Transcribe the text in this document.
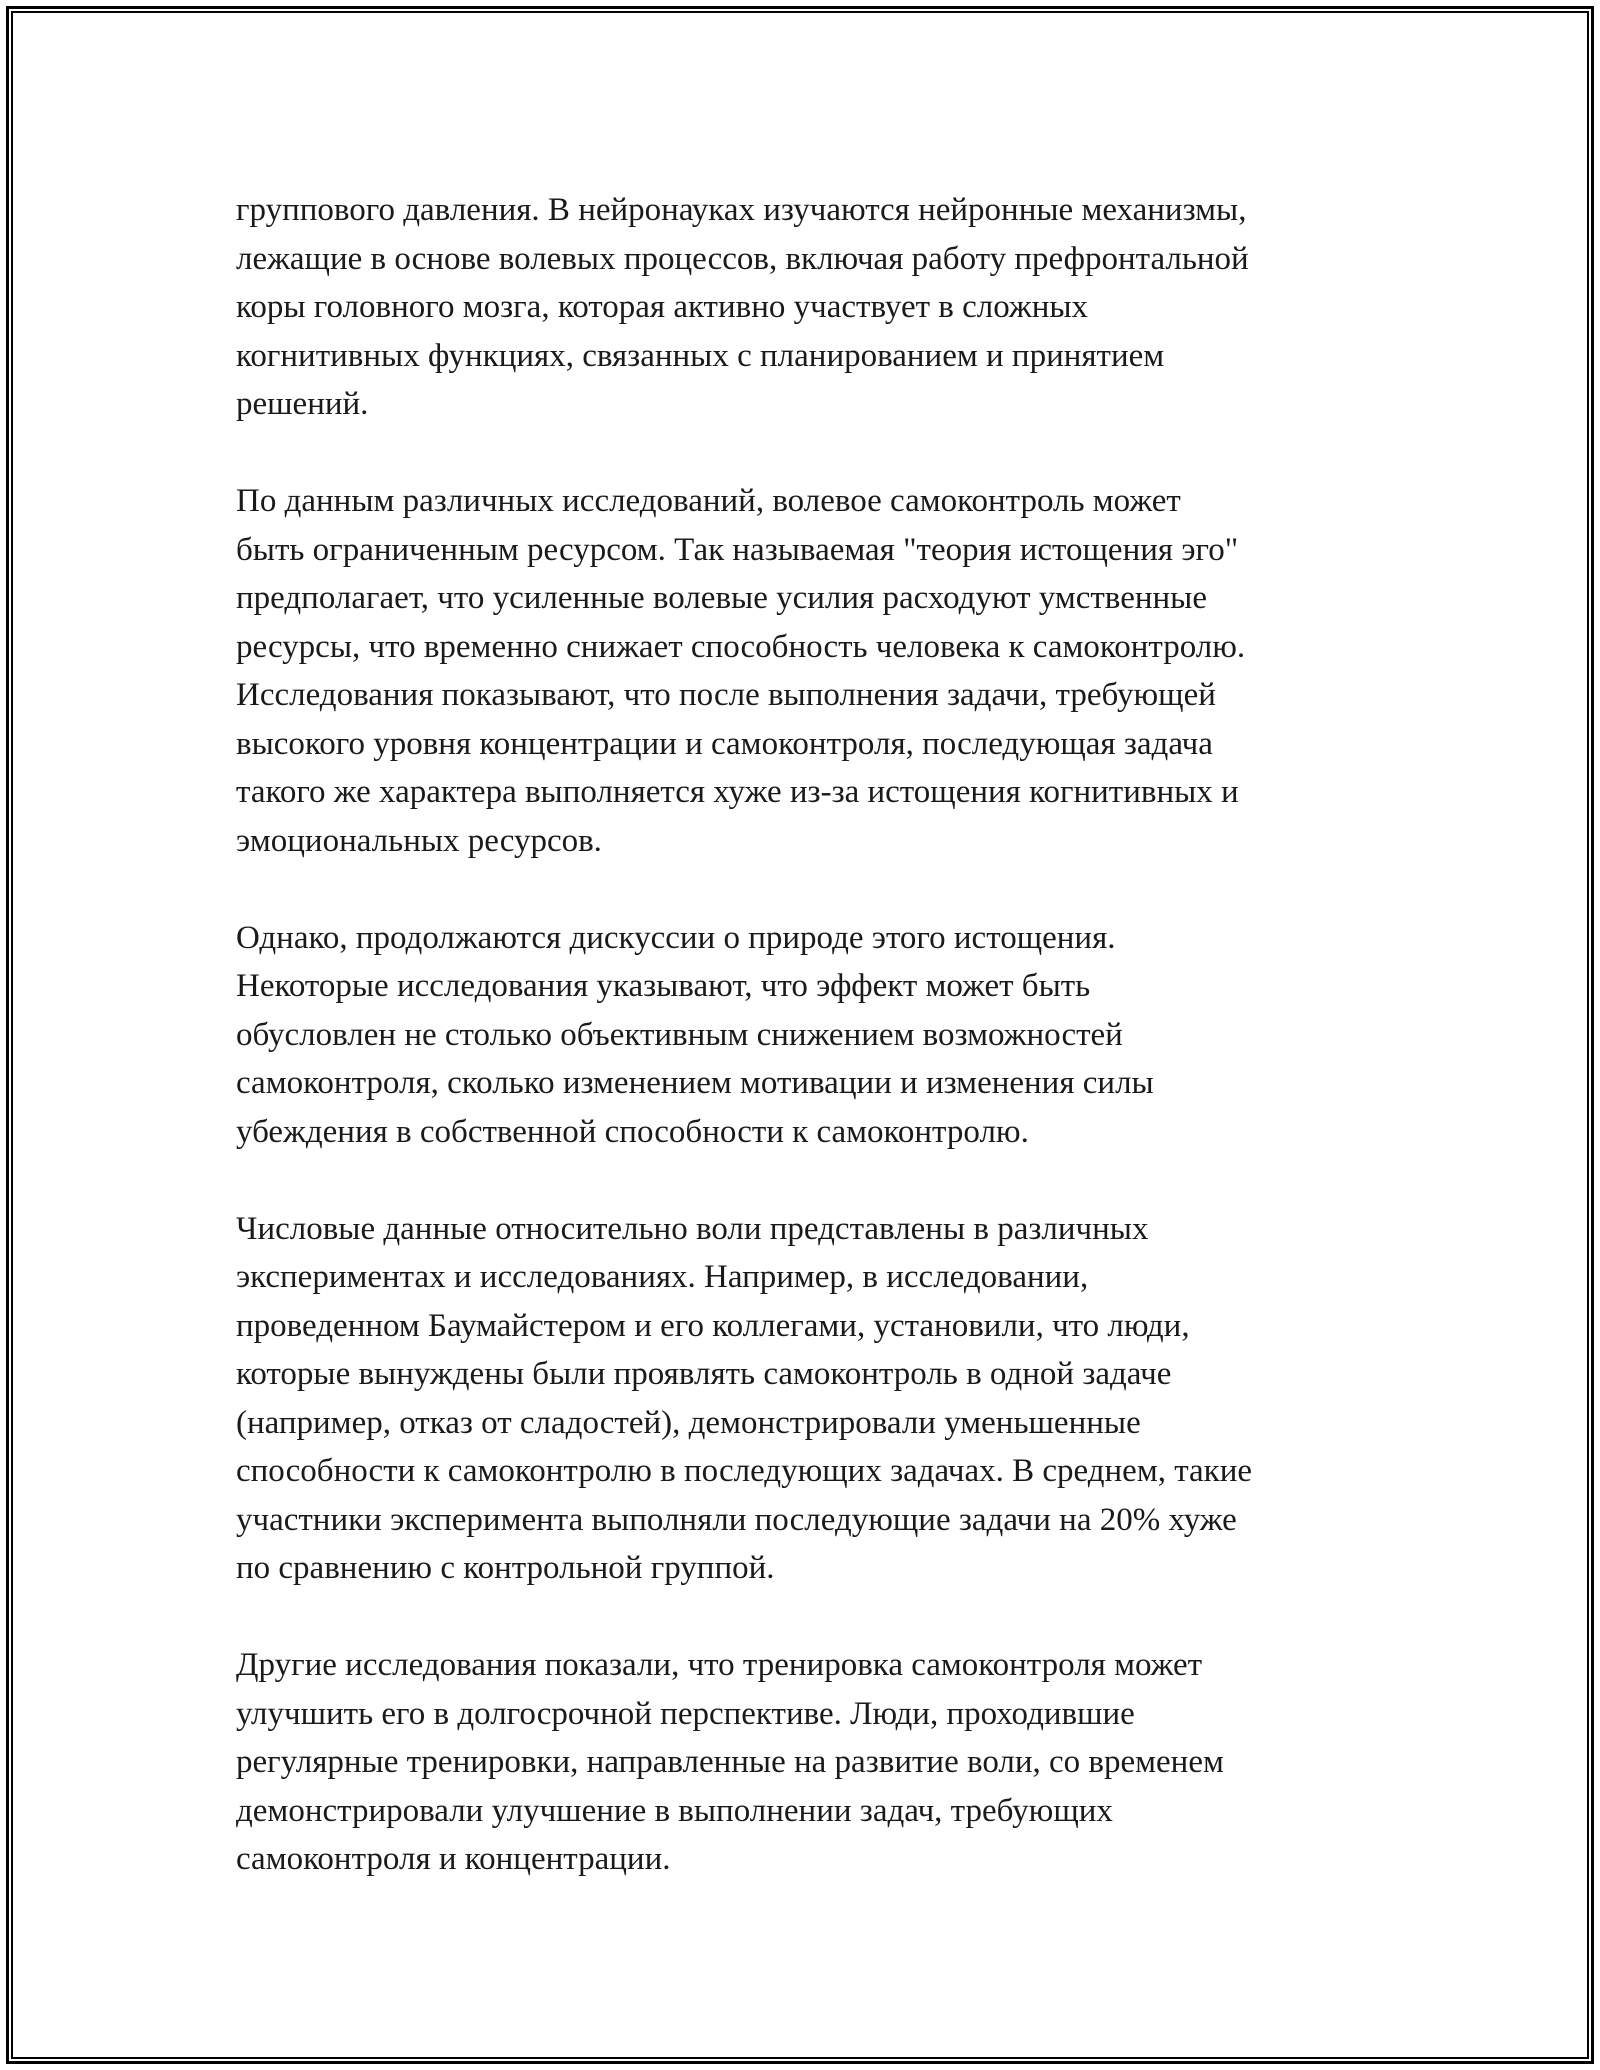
группового давления. В нейронауках изучаются нейронные механизмы,
лежащие в основе волевых процессов, включая работу префронтальной
коры головного мозга, которая активно участвует в сложных
когнитивных функциях, связанных с планированием и принятием
решений.

По данным различных исследований, волевое самоконтроль может
быть ограниченным ресурсом. Так называемая "теория истощения эго"
предполагает, что усиленные волевые усилия расходуют умственные
ресурсы, что временно снижает способность человека к самоконтролю.
Исследования показывают, что после выполнения задачи, требующей
высокого уровня концентрации и самоконтроля, последующая задача
такого же характера выполняется хуже из-за истощения когнитивных и
эмоциональных ресурсов.

Однако, продолжаются дискуссии о природе этого истощения.
Некоторые исследования указывают, что эффект может быть
обусловлен не столько объективным снижением возможностей
самоконтроля, сколько изменением мотивации и изменения силы
убеждения в собственной способности к самоконтролю.

Числовые данные относительно воли представлены в различных
экспериментах и исследованиях. Например, в исследовании,
проведенном Баумайстером и его коллегами, установили, что люди,
которые вынуждены были проявлять самоконтроль в одной задаче
(например, отказ от сладостей), демонстрировали уменьшенные
способности к самоконтролю в последующих задачах. В среднем, такие
участники эксперимента выполняли последующие задачи на 20% хуже
по сравнению с контрольной группой.

Другие исследования показали, что тренировка самоконтроля может
улучшить его в долгосрочной перспективе. Люди, проходившие
регулярные тренировки, направленные на развитие воли, со временем
демонстрировали улучшение в выполнении задач, требующих
самоконтроля и концентрации.
